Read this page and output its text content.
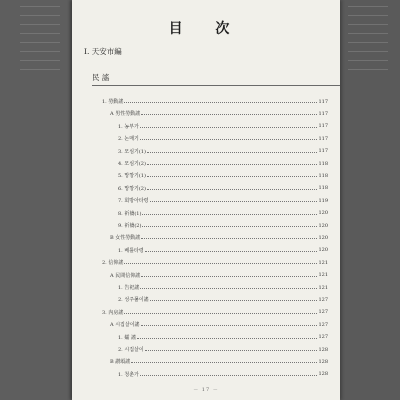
目 次
Ⅰ. 天安市編
民 謠
1. 勞動謠	117
A 男性勞動謠	117
1. 농부가	117
2. 논매기	117
3. 모심기(1)	117
4. 모심기(2)	118
5. 망깡기(1)	118
6. 망깡기(2)	118
7. 회방아타령	119
8. 祈禱(1)	120
9. 祈禱(2)	120
B 女性勞動謠	120
1. 베틀타령	120
2. 信仰謠	121
A 民間信仰謠	121
1. 告祀謠	121
2. 성주풀이謠	127
3. 內房謠	127
A 시집살이謠	127
1. 孀 謠	127
2. 시집살이	128
B 讃頌謠	128
1. 청춘가	128
－ 17 －
